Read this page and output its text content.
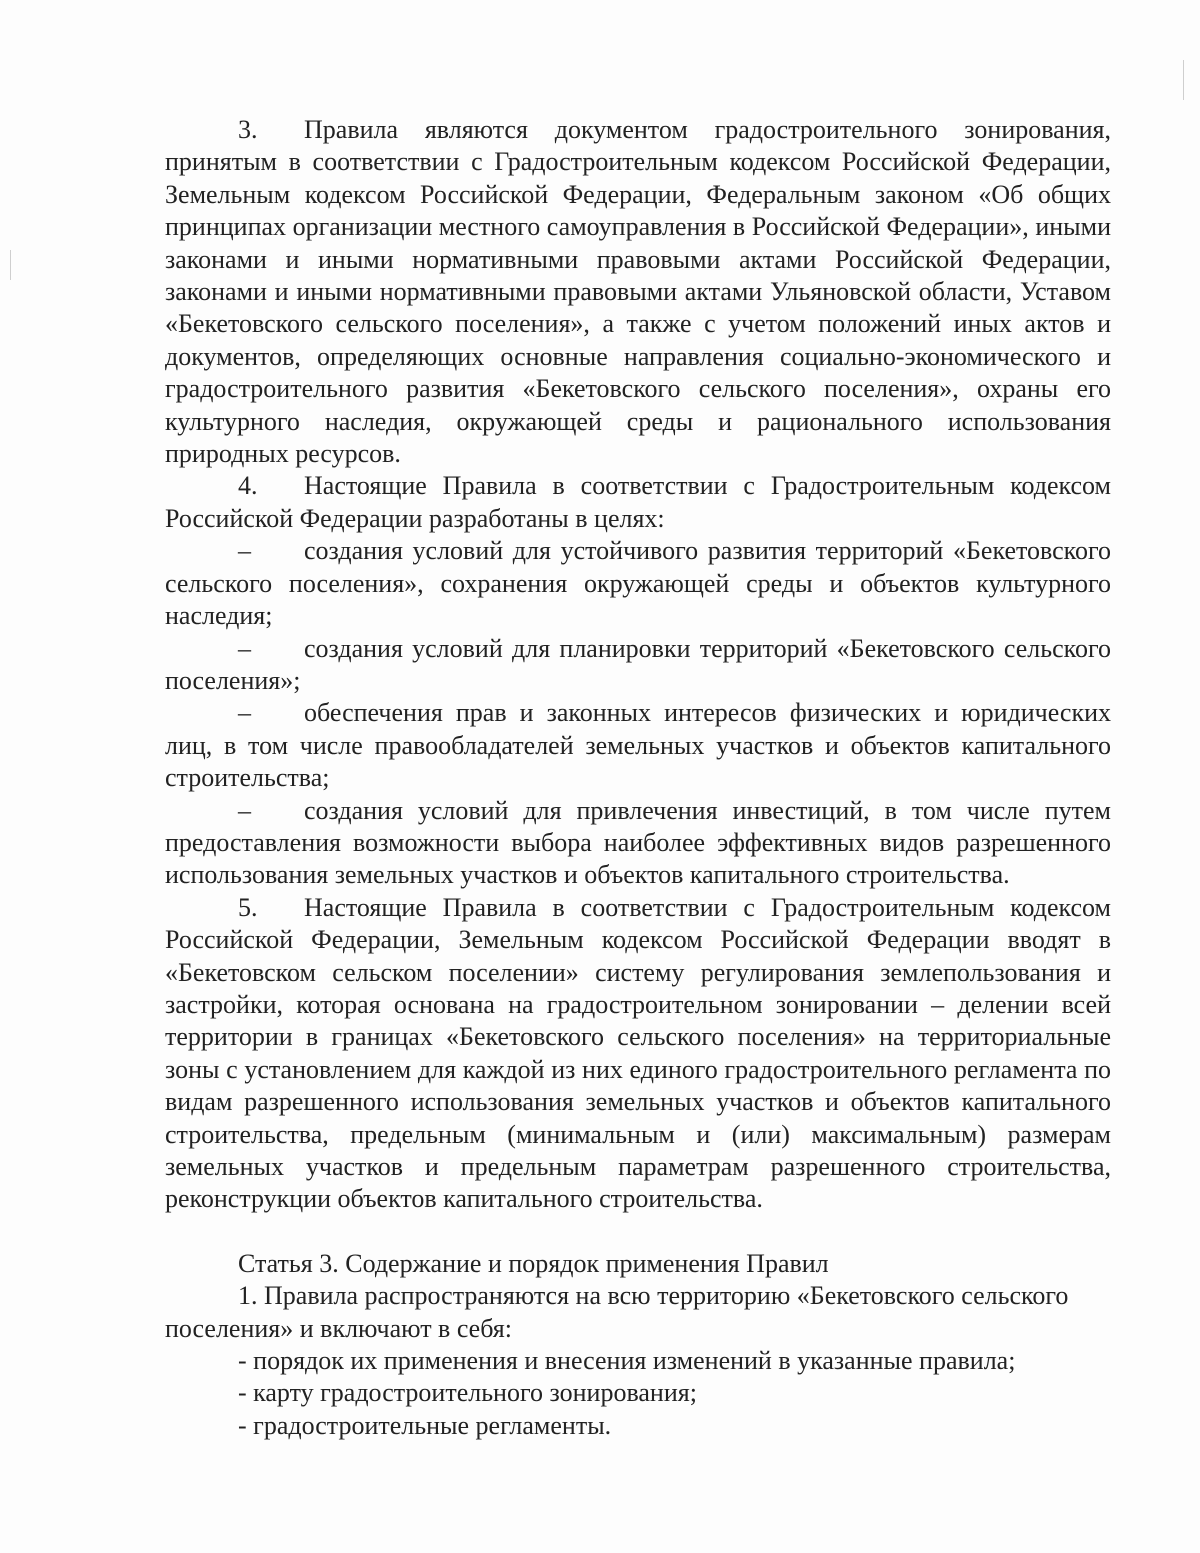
3. Правила являются документом градостроительного зонирования, принятым в соответствии с Градостроительным кодексом Российской Федерации, Земельным кодексом Российской Федерации, Федеральным законом «Об общих принципах организации местного самоуправления в Российской Федерации», иными законами и иными нормативными правовыми актами Российской Федерации, законами и иными нормативными правовыми актами Ульяновской области, Уставом «Бекетовского сельского поселения», а также с учетом положений иных актов и документов, определяющих основные направления социально-экономического и градостроительного развития «Бекетовского сельского поселения», охраны его культурного наследия, окружающей среды и рационального использования природных ресурсов.

4. Настоящие Правила в соответствии с Градостроительным кодексом Российской Федерации разработаны в целях:

– создания условий для устойчивого развития территорий «Бекетовского сельского поселения», сохранения окружающей среды и объектов культурного наследия;

– создания условий для планировки территорий «Бекетовского сельского поселения»;

– обеспечения прав и законных интересов физических и юридических лиц, в том числе правообладателей земельных участков и объектов капитального строительства;

– создания условий для привлечения инвестиций, в том числе путем предоставления возможности выбора наиболее эффективных видов разрешенного использования земельных участков и объектов капитального строительства.

5. Настоящие Правила в соответствии с Градостроительным кодексом Российской Федерации, Земельным кодексом Российской Федерации вводят в «Бекетовском сельском поселении» систему регулирования землепользования и застройки, которая основана на градостроительном зонировании – делении всей территории в границах «Бекетовского сельского поселения» на территориальные зоны с установлением для каждой из них единого градостроительного регламента по видам разрешенного использования земельных участков и объектов капитального строительства, предельным (минимальным и (или) максимальным) размерам земельных участков и предельным параметрам разрешенного строительства, реконструкции объектов капитального строительства.

Статья 3. Содержание и порядок применения Правил

1. Правила распространяются на всю территорию «Бекетовского сельского поселения» и включают в себя:

- порядок их применения и внесения изменений в указанные правила;

- карту градостроительного зонирования;

- градостроительные регламенты.
